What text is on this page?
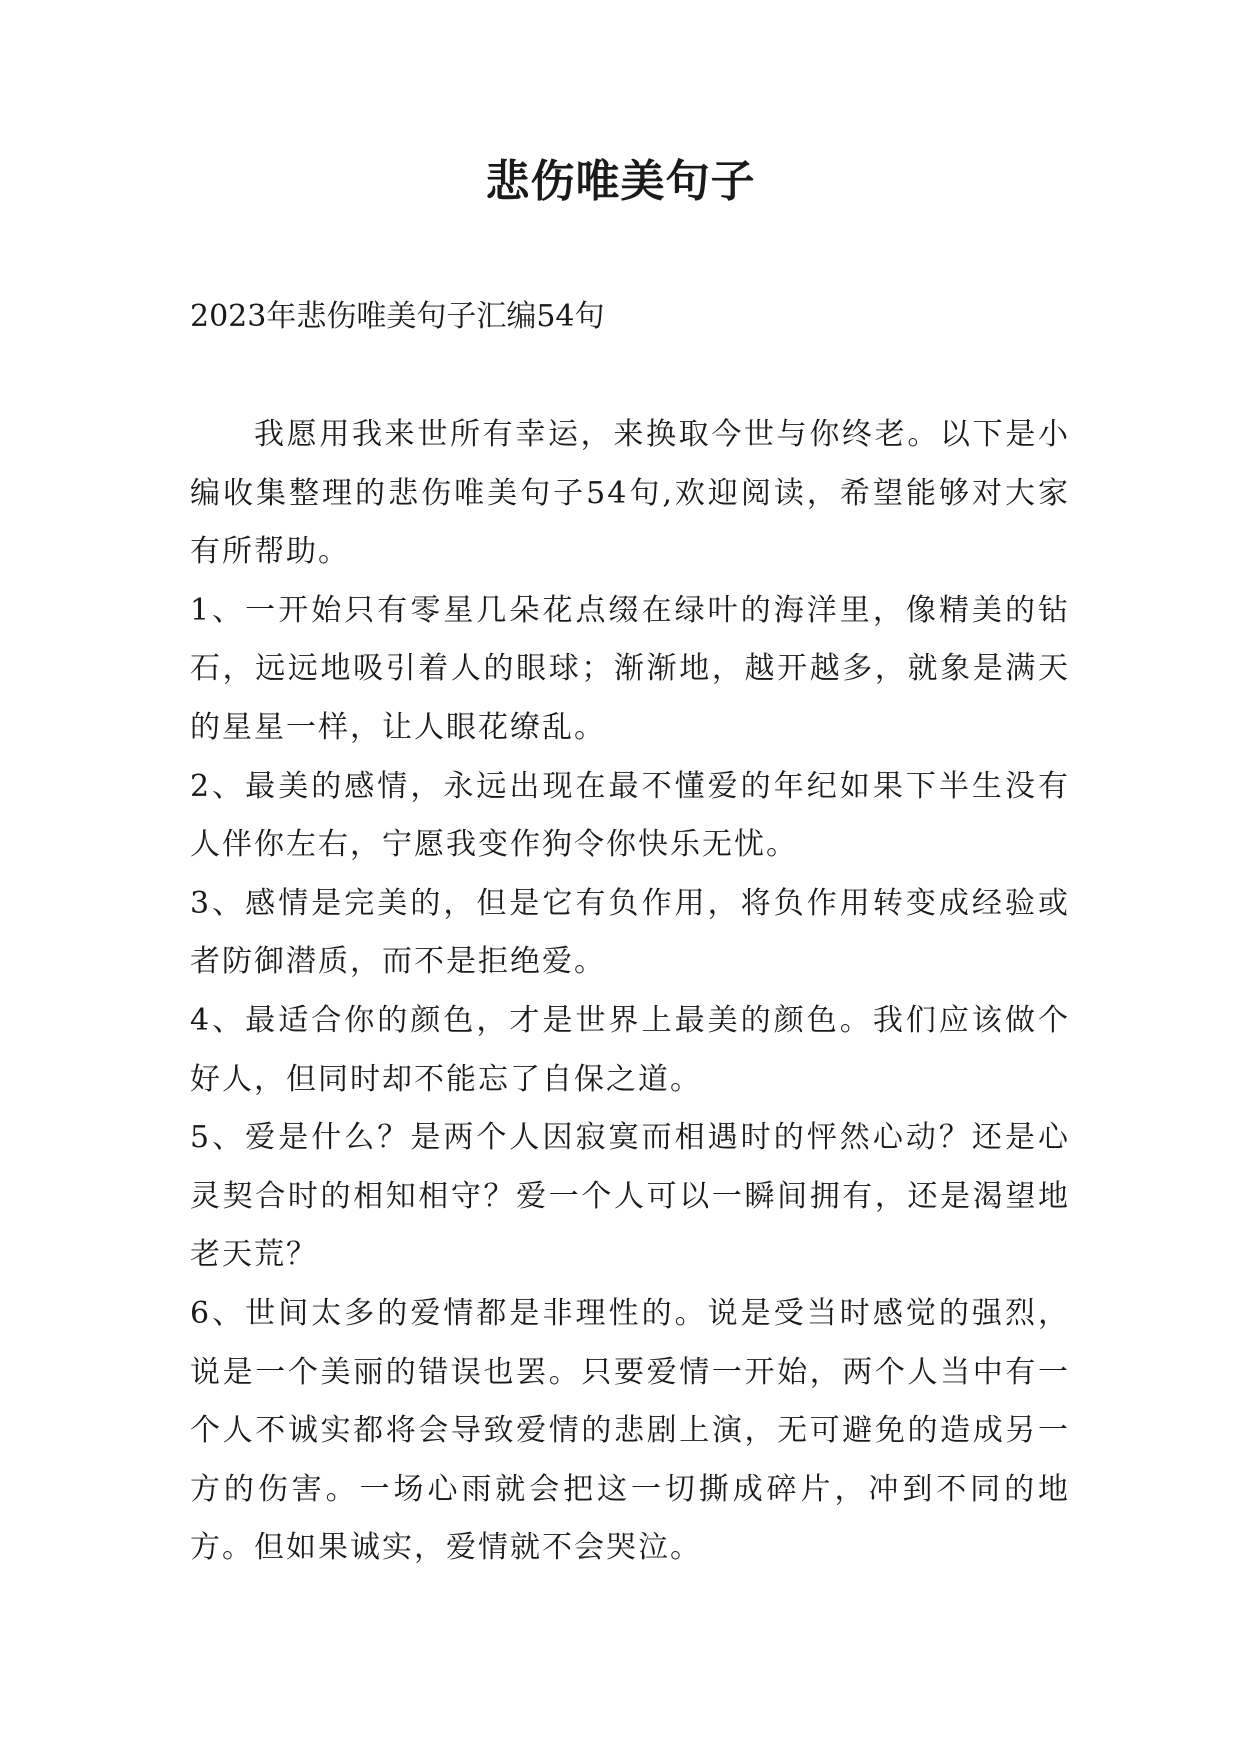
悲伤唯美句子
2023年悲伤唯美句子汇编54句

我愿用我来世所有幸运，来换取今世与你终老。以下是小编收集整理的悲伤唯美句子54句,欢迎阅读，希望能够对大家有所帮助。

1、一开始只有零星几朵花点缀在绿叶的海洋里，像精美的钻石，远远地吸引着人的眼球；渐渐地，越开越多，就象是满天的星星一样，让人眼花缭乱。

2、最美的感情，永远出现在最不懂爱的年纪如果下半生没有人伴你左右，宁愿我变作狗令你快乐无忧。

3、感情是完美的，但是它有负作用，将负作用转变成经验或者防御潜质，而不是拒绝爱。

4、最适合你的颜色，才是世界上最美的颜色。我们应该做个好人，但同时却不能忘了自保之道。

5、爱是什么？是两个人因寂寞而相遇时的怦然心动？还是心灵契合时的相知相守？爱一个人可以一瞬间拥有，还是渴望地老天荒？

6、世间太多的爱情都是非理性的。说是受当时感觉的强烈，说是一个美丽的错误也罢。只要爱情一开始，两个人当中有一个人不诚实都将会导致爱情的悲剧上演，无可避免的造成另一方的伤害。一场心雨就会把这一切撕成碎片，冲到不同的地方。但如果诚实，爱情就不会哭泣。
